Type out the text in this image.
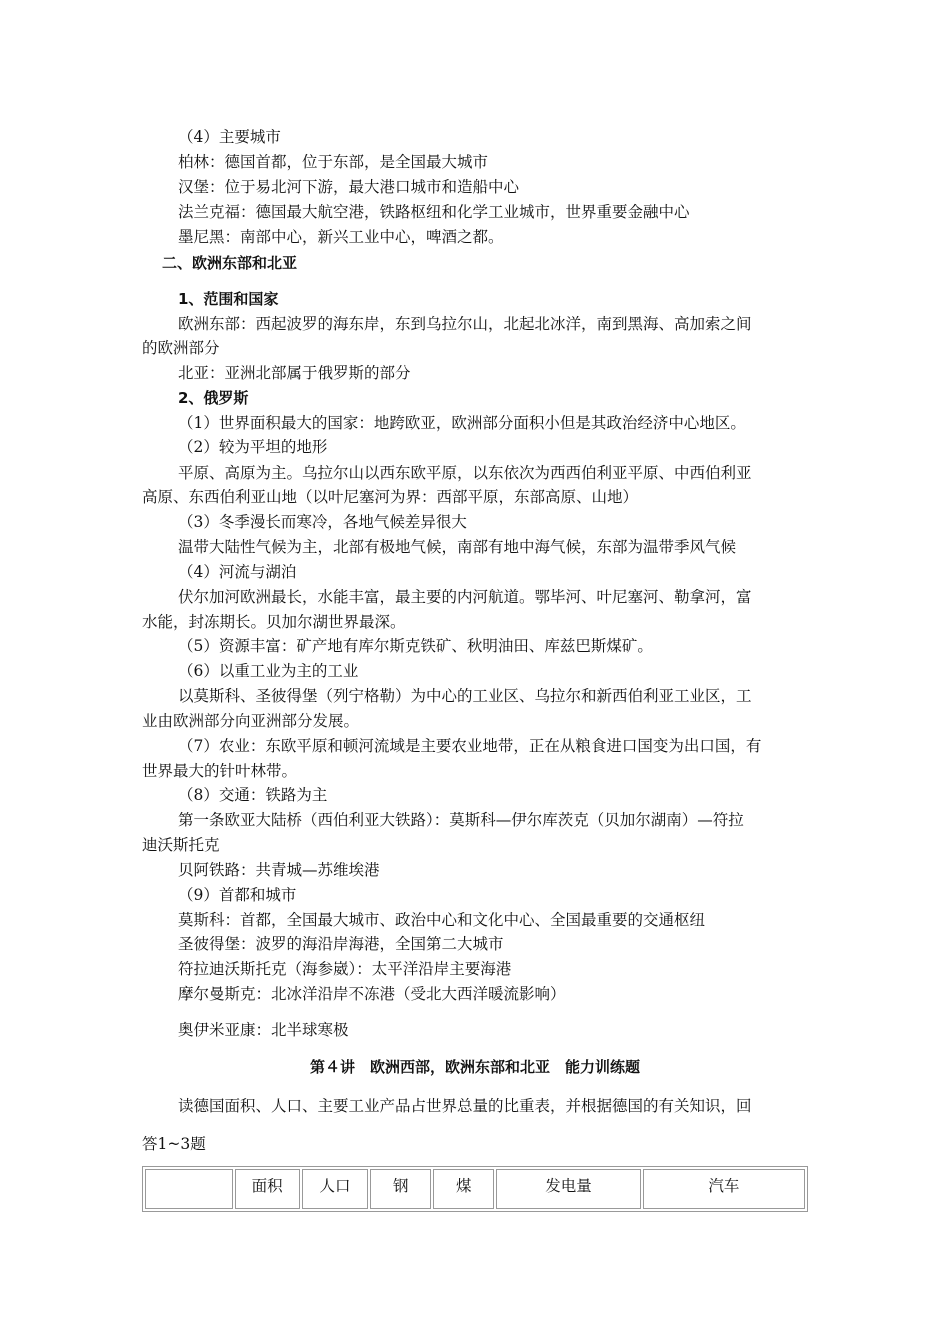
（4）主要城市
柏林：德国首都，位于东部，是全国最大城市
汉堡：位于易北河下游，最大港口城市和造船中心
法兰克福：德国最大航空港，铁路枢纽和化学工业城市，世界重要金融中心
墨尼黑：南部中心，新兴工业中心，啤酒之都。
二、欧洲东部和北亚
1、范围和国家
欧洲东部：西起波罗的海东岸，东到乌拉尔山，北起北冰洋，南到黑海、高加索之间
的欧洲部分
北亚：亚洲北部属于俄罗斯的部分
2、俄罗斯
（1）世界面积最大的国家：地跨欧亚，欧洲部分面积小但是其政治经济中心地区。
（2）较为平坦的地形
平原、高原为主。乌拉尔山以西东欧平原，以东依次为西西伯利亚平原、中西伯利亚
高原、东西伯利亚山地（以叶尼塞河为界：西部平原，东部高原、山地）
（3）冬季漫长而寒冷，各地气候差异很大
温带大陆性气候为主，北部有极地气候，南部有地中海气候，东部为温带季风气候
（4）河流与湖泊
伏尔加河欧洲最长，水能丰富，最主要的内河航道。鄂毕河、叶尼塞河、勒拿河，富
水能，封冻期长。贝加尔湖世界最深。
（5）资源丰富：矿产地有库尔斯克铁矿、秋明油田、库兹巴斯煤矿。
（6）以重工业为主的工业
以莫斯科、圣彼得堡（列宁格勒）为中心的工业区、乌拉尔和新西伯利亚工业区，工
业由欧洲部分向亚洲部分发展。
（7）农业：东欧平原和顿河流域是主要农业地带，正在从粮食进口国变为出口国，有
世界最大的针叶林带。
（8）交通：铁路为主
第一条欧亚大陆桥（西伯利亚大铁路）：莫斯科—伊尔库茨克（贝加尔湖南）—符拉
迪沃斯托克
贝阿铁路：共青城—苏维埃港
（9）首都和城市
莫斯科：首都，全国最大城市、政治中心和文化中心、全国最重要的交通枢纽
圣彼得堡：波罗的海沿岸海港，全国第二大城市
符拉迪沃斯托克（海参崴）：太平洋沿岸主要海港
摩尔曼斯克：北冰洋沿岸不冻港（受北大西洋暖流影响）
奥伊米亚康：北半球寒极
第４讲　欧洲西部，欧洲东部和北亚　能力训练题
读德国面积、人口、主要工业产品占世界总量的比重表，并根据德国的有关知识，回
答1~3题
	面积	人口	钢	煤	发电量	汽车
